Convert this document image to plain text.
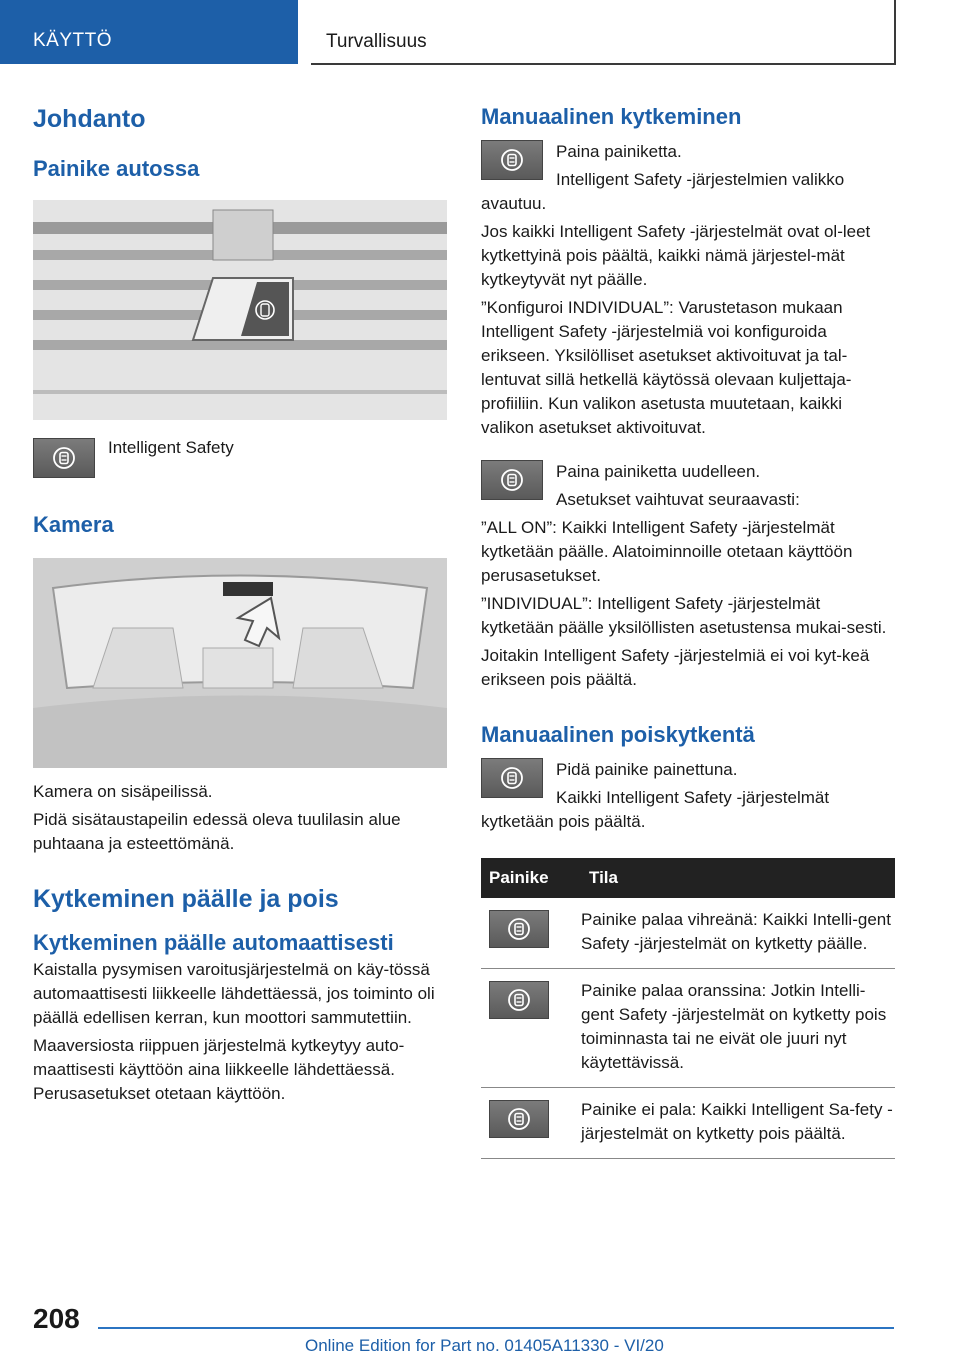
KÄYTTÖ	Turvallisuus
Johdanto
Painike autossa

Intelligent Safety

Kamera

Kamera on sisäpeilissä.

Pidä sisätaustapeilin edessä oleva tuulilasin alue puhtaana ja esteettömänä.

Kytkeminen päälle ja pois
Kytkeminen päälle automaattisesti

Kaistalla pysymisen varoitusjärjestelmä on käy-tössä automaattisesti liikkeelle lähdettäessä, jos toiminto oli päällä edellisen kerran, kun moottori sammutettiin.

Maaversiosta riippuen järjestelmä kytkeytyy auto-maattisesti käyttöön aina liikkeelle lähdettäessä. Perusasetukset otetaan käyttöön.

Manuaalinen kytkeminen

Paina painiketta.

Intelligent Safety -järjestelmien valikko

avautuu.

Jos kaikki Intelligent Safety -järjestelmät ovat ol-leet kytkettyinä pois päältä, kaikki nämä järjestel-mät kytkeytyvät nyt päälle.

”Konfiguroi INDIVIDUAL”: Varustetason mukaan Intelligent Safety -järjestelmiä voi konfiguroida erikseen. Yksilölliset asetukset aktivoituvat ja tal-lentuvat sillä hetkellä käytössä olevaan kuljettaja-profiiliin. Kun valikon asetusta muutetaan, kaikki valikon asetukset aktivoituvat.

Paina painiketta uudelleen.

Asetukset vaihtuvat seuraavasti:

”ALL ON”: Kaikki Intelligent Safety -järjestelmät kytketään päälle. Alatoiminnoille otetaan käyttöön perusasetukset.

”INDIVIDUAL”: Intelligent Safety -järjestelmät kytketään päälle yksilöllisten asetustensa mukai-sesti.

Joitakin Intelligent Safety -järjestelmiä ei voi kyt-keä erikseen pois päältä.

Manuaalinen poiskytkentä

Pidä painike painettuna.

Kaikki Intelligent Safety -järjestelmät

kytketään pois päältä.

Painike	Tila

	Painike palaa vihreänä: Kaikki Intelli-gent Safety -järjestelmät on kytketty päälle.

	Painike palaa oranssina: Jotkin Intelli-gent Safety -järjestelmät on kytketty pois toiminnasta tai ne eivät ole juuri nyt käytettävissä.

	Painike ei pala: Kaikki Intelligent Sa-fety -järjestelmät on kytketty pois päältä.
208
Online Edition for Part no. 01405A11330 - VI/20
